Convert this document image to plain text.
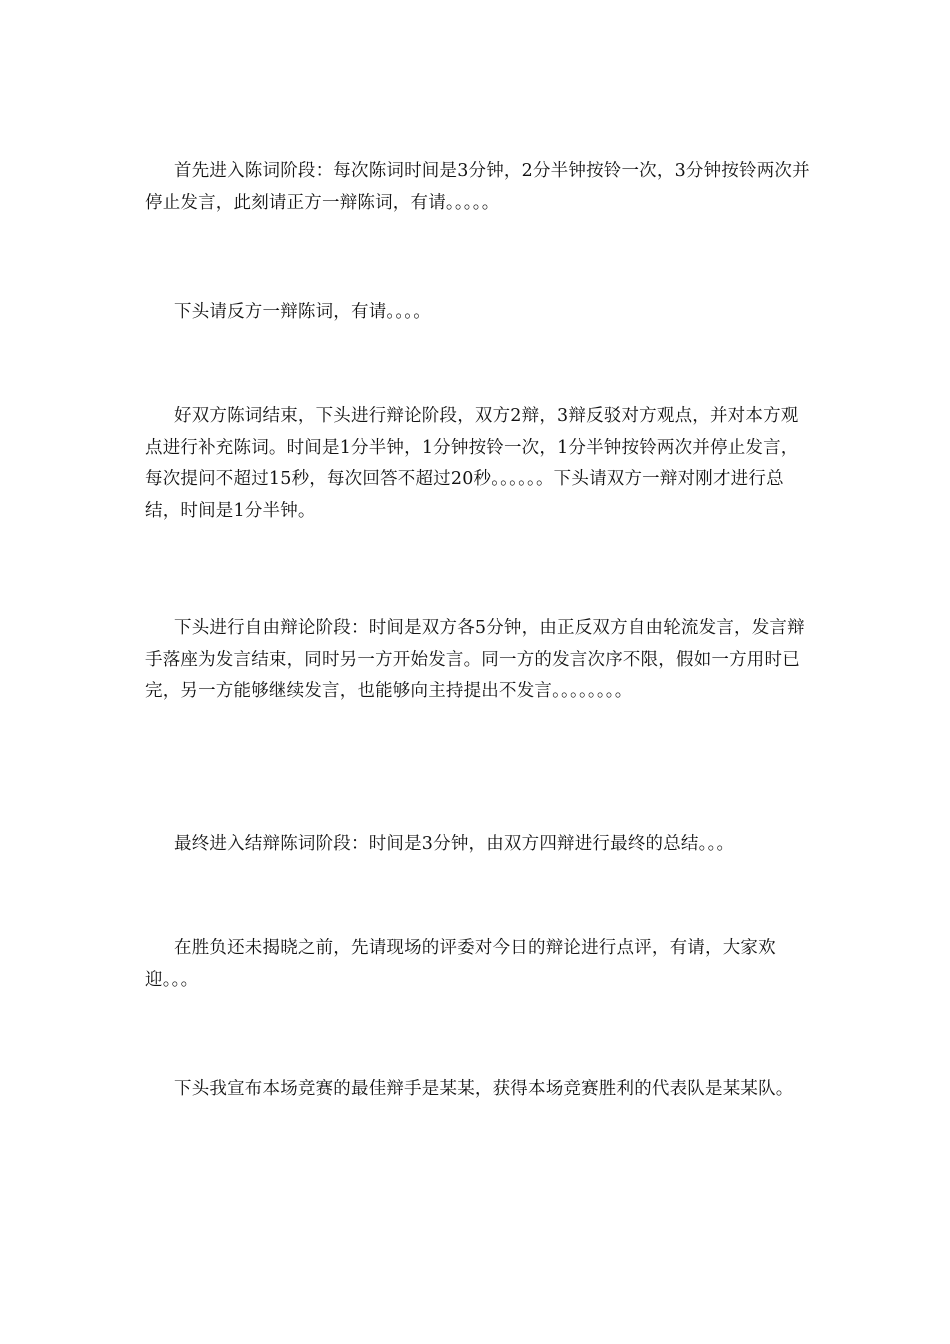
首先进入陈词阶段：每次陈词时间是3分钟，2分半钟按铃一次，3分钟按铃两次并停止发言，此刻请正方一辩陈词，有请。。。。。

下头请反方一辩陈词，有请。。。。

好双方陈词结束，下头进行辩论阶段，双方2辩，3辩反驳对方观点，并对本方观点进行补充陈词。时间是1分半钟，1分钟按铃一次，1分半钟按铃两次并停止发言，每次提问不超过15秒，每次回答不超过20秒。。。。。。下头请双方一辩对刚才进行总结，时间是1分半钟。

下头进行自由辩论阶段：时间是双方各5分钟，由正反双方自由轮流发言，发言辩手落座为发言结束，同时另一方开始发言。同一方的发言次序不限，假如一方用时已完，另一方能够继续发言，也能够向主持提出不发言。。。。。。。。

最终进入结辩陈词阶段：时间是3分钟，由双方四辩进行最终的总结。。。

在胜负还未揭晓之前，先请现场的评委对今日的辩论进行点评，有请，大家欢迎。。。

下头我宣布本场竞赛的最佳辩手是某某，获得本场竞赛胜利的代表队是某某队。
